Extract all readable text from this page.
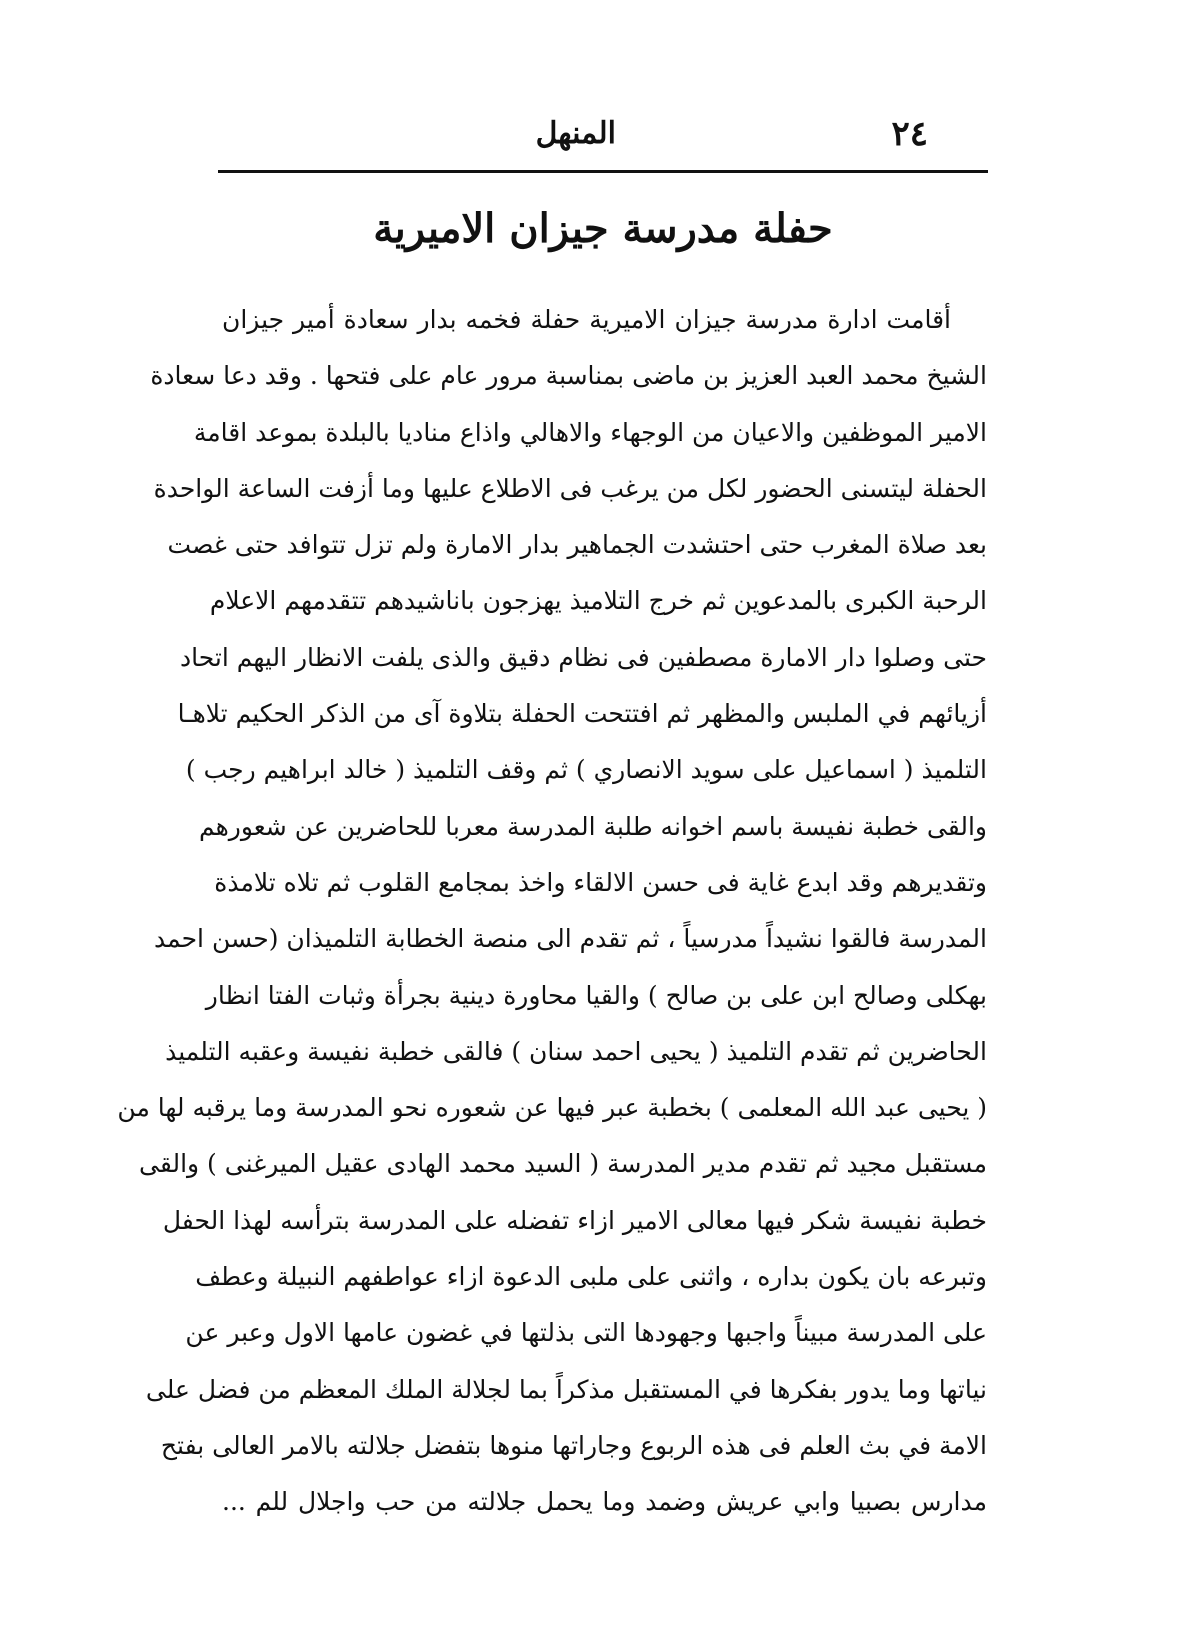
٢٤
المنهل
حفلة مدرسة جيزان الاميرية
أقامت ادارة مدرسة جيزان الاميرية حفلة فخمه بدار سعادة أمير جيزان
الشيخ محمد العبد العزيز بن ماضى بمناسبة مرور عام على فتحها . وقد دعا سعادة
الامير الموظفين والاعيان من الوجهاء والاهالي واذاع مناديا بالبلدة بموعد اقامة
الحفلة ليتسنى الحضور لكل من يرغب فى الاطلاع عليها وما أزفت الساعة الواحدة
بعد صلاة المغرب حتى احتشدت الجماهير بدار الامارة ولم تزل تتوافد حتى غصت
الرحبة الكبرى بالمدعوين ثم خرج التلاميذ يهزجون باناشيدهم تتقدمهم الاعلام
حتى وصلوا دار الامارة مصطفين فى نظام دقيق والذى يلفت الانظار اليهم اتحاد
أزيائهم في الملبس والمظهر ثم افتتحت الحفلة بتلاوة آى من الذكر الحكيم تلاهـا
التلميذ ( اسماعيل على سويد الانصاري ) ثم وقف التلميذ ( خالد ابراهيم رجب )
والقى خطبة نفيسة باسم اخوانه طلبة المدرسة معربا للحاضرين عن شعورهم
وتقديرهم وقد ابدع غاية فى حسن الالقاء واخذ بمجامع القلوب ثم تلاه تلامذة
المدرسة فالقوا نشيداً مدرسياً ، ثم تقدم الى منصة الخطابة التلميذان (حسن احمد
بهكلى وصالح ابن على بن صالح ) والقيا محاورة دينية بجرأة وثبات الفتا انظار
الحاضرين ثم تقدم التلميذ ( يحيى احمد سنان ) فالقى خطبة نفيسة وعقبه التلميذ
( يحيى عبد الله المعلمى ) بخطبة عبر فيها عن شعوره نحو المدرسة وما يرقبه لها من
مستقبل مجيد ثم تقدم مدير المدرسة ( السيد محمد الهادى عقيل الميرغنى ) والقى
خطبة نفيسة شكر فيها معالى الامير ازاء تفضله على المدرسة بترأسه لهذا الحفل
وتبرعه بان يكون بداره ، واثنى على ملبى الدعوة ازاء عواطفهم النبيلة وعطف
على المدرسة مبيناً واجبها وجهودها التى بذلتها في غضون عامها الاول وعبر عن
نياتها وما يدور بفكرها في المستقبل مذكراً بما لجلالة الملك المعظم من فضل على
الامة في بث العلم فى هذه الربوع وجاراتها منوها بتفضل جلالته بالامر العالى بفتح
مدارس بصبيا وابي عريش وضمد وما يحمل جلالته من حب واجلال للم ...
